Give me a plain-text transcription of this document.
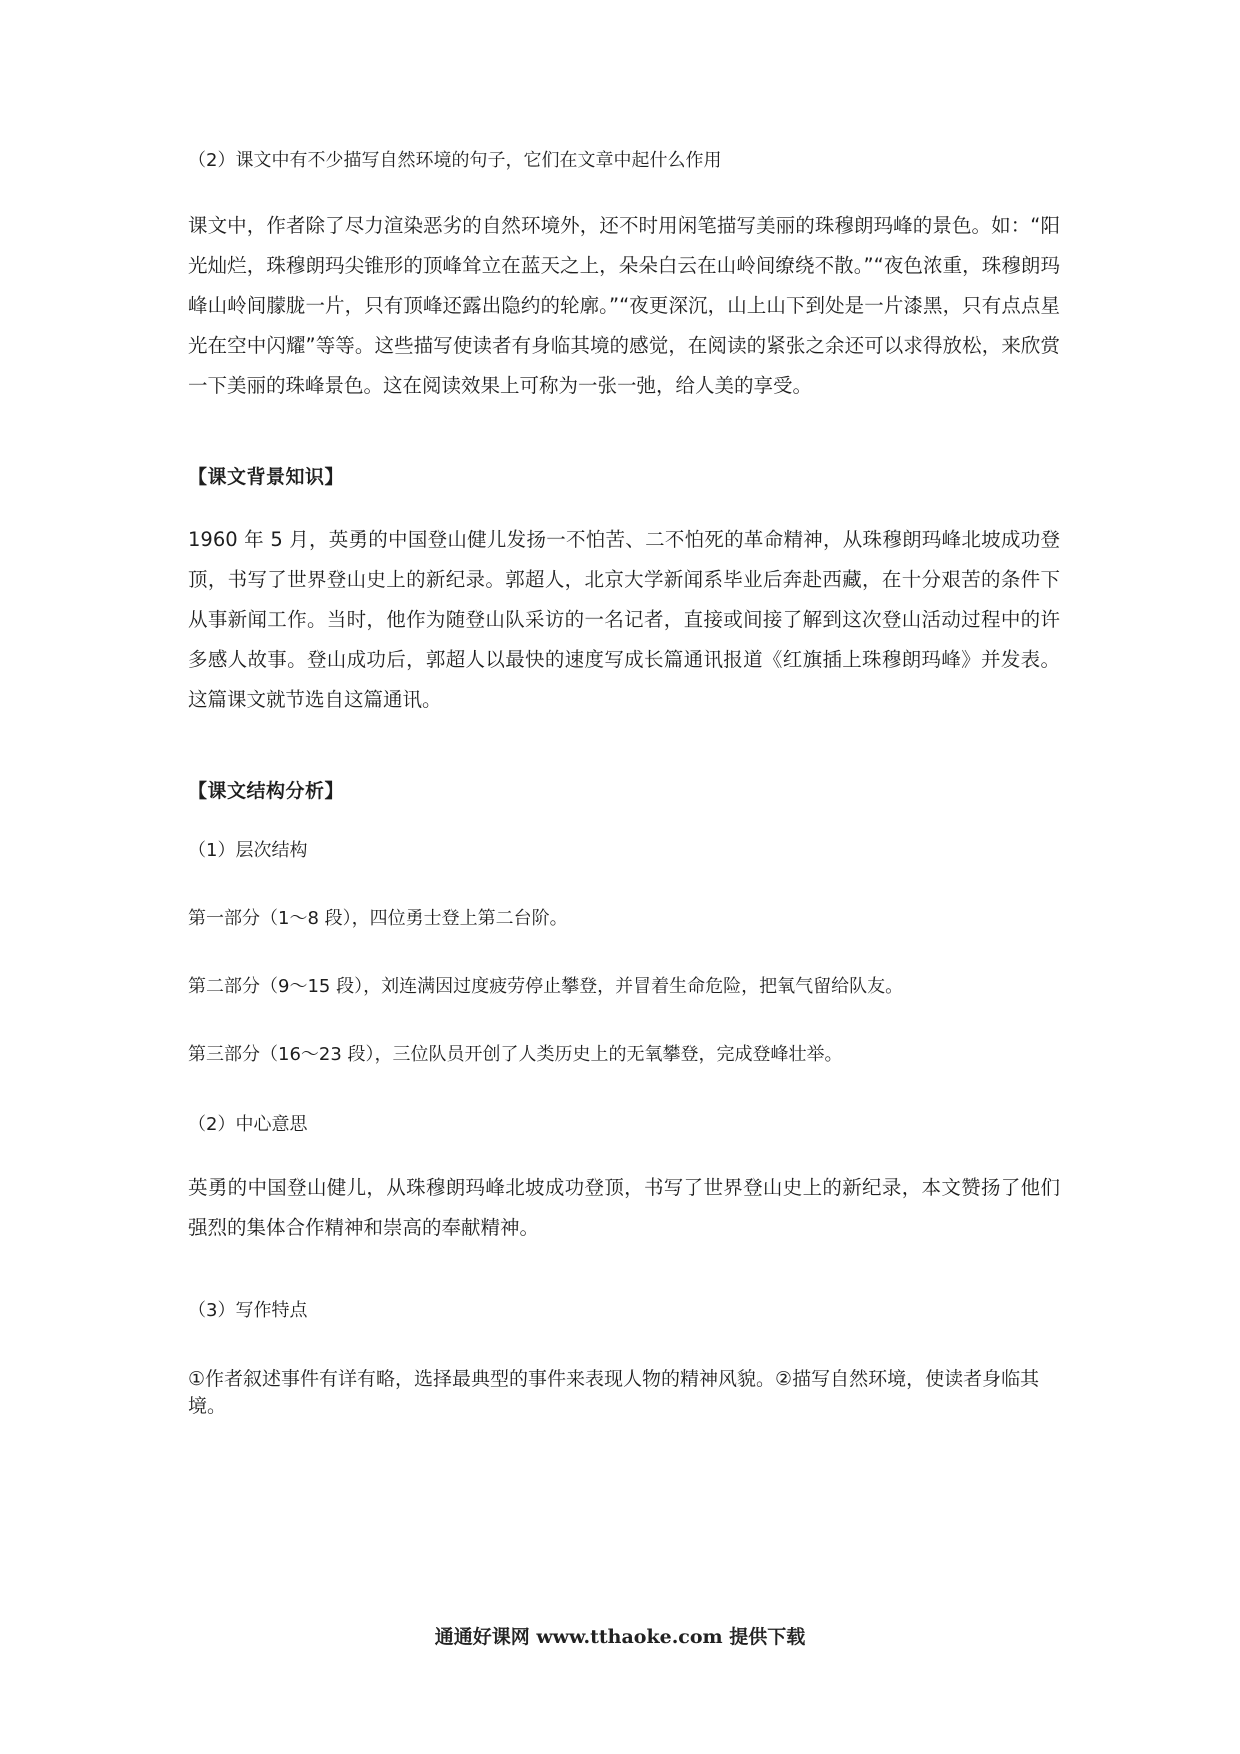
（2）课文中有不少描写自然环境的句子，它们在文章中起什么作用

课文中，作者除了尽力渲染恶劣的自然环境外，还不时用闲笔描写美丽的珠穆朗玛峰的景色。如：“阳光灿烂，珠穆朗玛尖锥形的顶峰耸立在蓝天之上，朵朵白云在山岭间缭绕不散。”“夜色浓重，珠穆朗玛峰山岭间朦胧一片，只有顶峰还露出隐约的轮廓。”“夜更深沉，山上山下到处是一片漆黑，只有点点星光在空中闪耀”等等。这些描写使读者有身临其境的感觉，在阅读的紧张之余还可以求得放松，来欣赏一下美丽的珠峰景色。这在阅读效果上可称为一张一弛，给人美的享受。

【课文背景知识】

1960 年 5 月，英勇的中国登山健儿发扬一不怕苦、二不怕死的革命精神，从珠穆朗玛峰北坡成功登顶，书写了世界登山史上的新纪录。郭超人，北京大学新闻系毕业后奔赴西藏，在十分艰苦的条件下从事新闻工作。当时，他作为随登山队采访的一名记者，直接或间接了解到这次登山活动过程中的许多感人故事。登山成功后，郭超人以最快的速度写成长篇通讯报道《红旗插上珠穆朗玛峰》并发表。这篇课文就节选自这篇通讯。

【课文结构分析】

（1）层次结构

第一部分（1～8 段），四位勇士登上第二台阶。

第二部分（9～15 段），刘连满因过度疲劳停止攀登，并冒着生命危险，把氧气留给队友。

第三部分（16～23 段），三位队员开创了人类历史上的无氧攀登，完成登峰壮举。

（2）中心意思

英勇的中国登山健儿，从珠穆朗玛峰北坡成功登顶，书写了世界登山史上的新纪录，本文赞扬了他们强烈的集体合作精神和崇高的奉献精神。

（3）写作特点

①作者叙述事件有详有略，选择最典型的事件来表现人物的精神风貌。②描写自然环境，使读者身临其境。

通通好课网 www.tthaoke.com 提供下载
